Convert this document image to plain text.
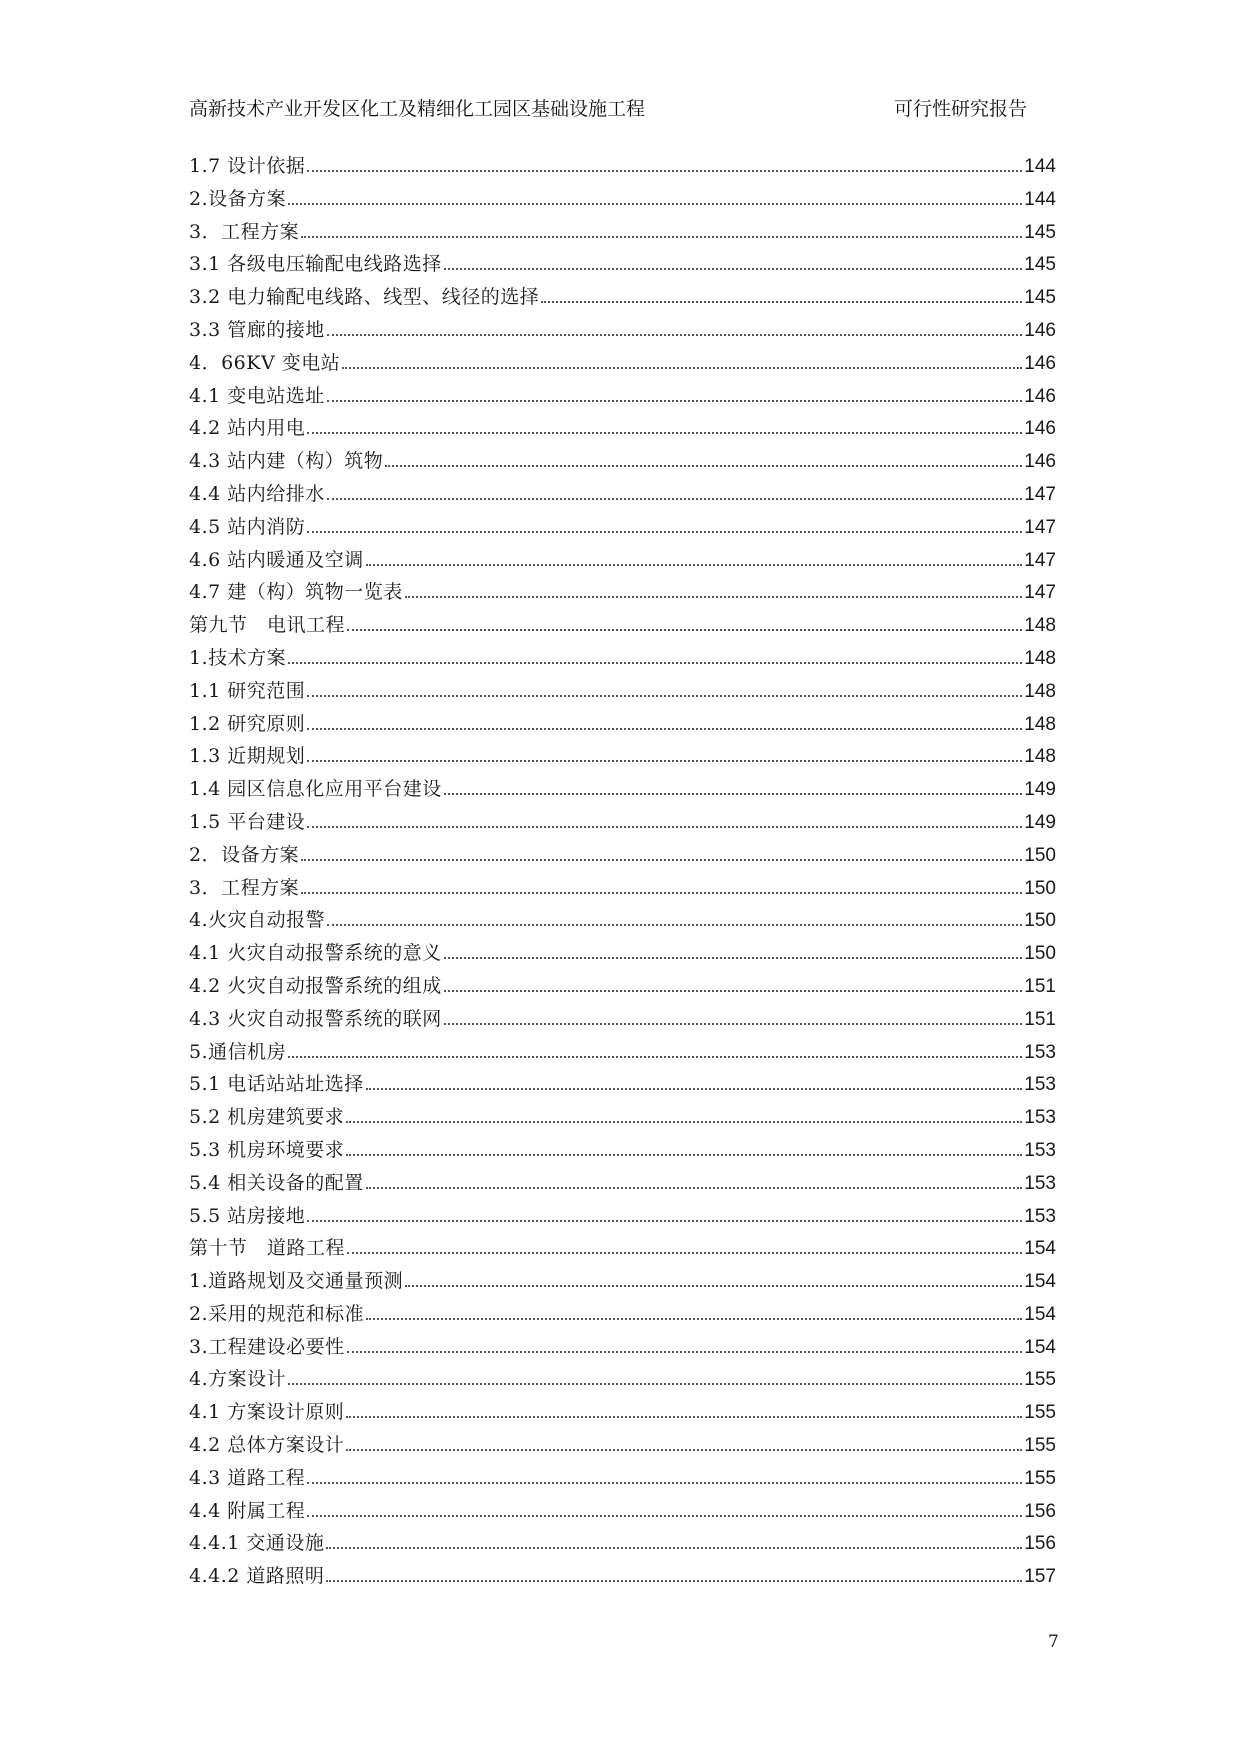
高新技术产业开发区化工及精细化工园区基础设施工程	可行性研究报告
1.7 设计依据	144
2.设备方案	144
3．工程方案	145
3.1 各级电压输配电线路选择	145
3.2 电力输配电线路、线型、线径的选择	145
3.3 管廊的接地	146
4．66KV 变电站	146
4.1 变电站选址	146
4.2 站内用电	146
4.3 站内建（构）筑物	146
4.4 站内给排水	147
4.5 站内消防	147
4.6 站内暖通及空调	147
4.7 建（构）筑物一览表	147
第九节　电讯工程	148
1.技术方案	148
1.1 研究范围	148
1.2 研究原则	148
1.3 近期规划	148
1.4 园区信息化应用平台建设	149
1.5 平台建设	149
2．设备方案	150
3．工程方案	150
4.火灾自动报警	150
4.1 火灾自动报警系统的意义	150
4.2 火灾自动报警系统的组成	151
4.3 火灾自动报警系统的联网	151
5.通信机房	153
5.1 电话站站址选择	153
5.2 机房建筑要求	153
5.3 机房环境要求	153
5.4 相关设备的配置	153
5.5 站房接地	153
第十节　道路工程	154
1.道路规划及交通量预测	154
2.采用的规范和标准	154
3.工程建设必要性	154
4.方案设计	155
4.1 方案设计原则	155
4.2 总体方案设计	155
4.3 道路工程	155
4.4 附属工程	156
4.4.1 交通设施	156
4.4.2 道路照明	157
7
